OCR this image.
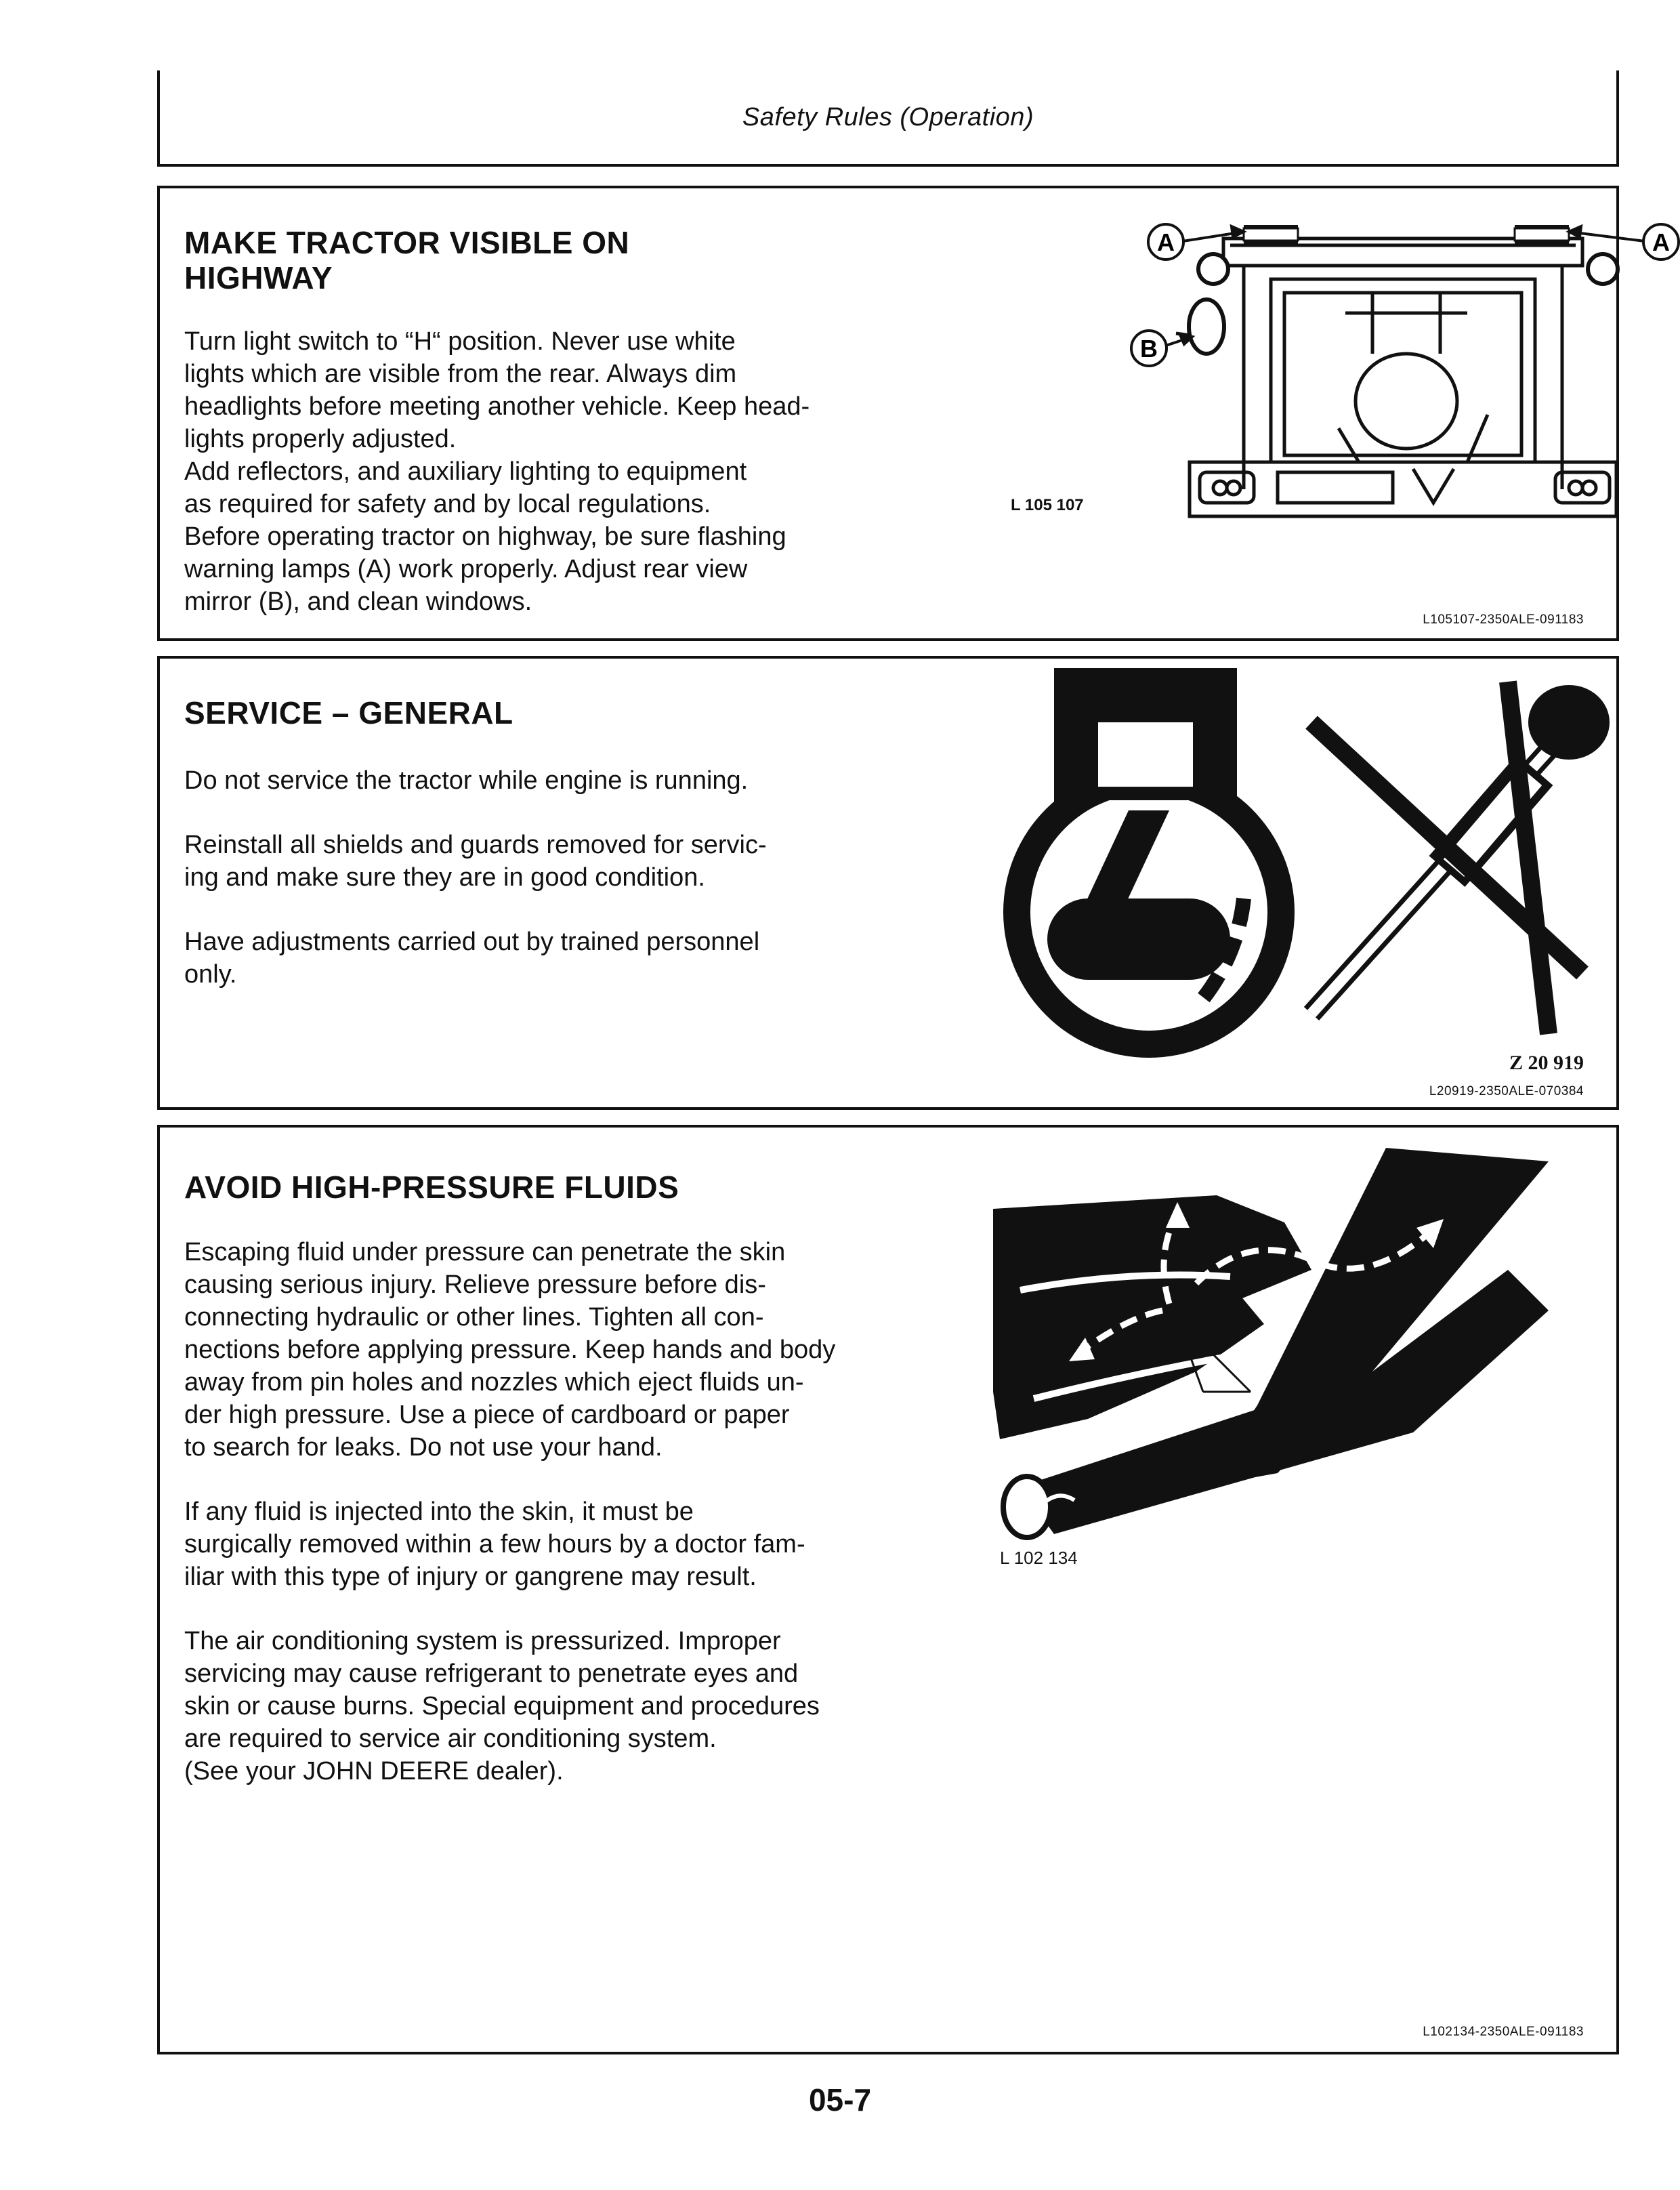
Safety Rules (Operation)
MAKE TRACTOR VISIBLE ON
HIGHWAY
Turn light switch to “H“ position. Never use white
lights which are visible from the rear. Always dim
headlights before meeting another vehicle. Keep head-
lights properly adjusted.
Add reflectors, and auxiliary lighting to equipment
as required for safety and by local regulations.
Before operating tractor on highway, be sure flashing
warning lamps (A) work properly. Adjust rear view
mirror (B), and clean windows.
A	A
B
L 105 107
L105107-2350ALE-091183
SERVICE – GENERAL

Do not service the tractor while engine is running.

Reinstall all shields and guards removed for servic-
ing and make sure they are in good condition.

Have adjustments carried out by trained personnel
only.

Z 20 919
L20919-2350ALE-070384
AVOID HIGH-PRESSURE FLUIDS

Escaping fluid under pressure can penetrate the skin
causing serious injury. Relieve pressure before dis-
connecting hydraulic or other lines. Tighten all con-
nections before applying pressure. Keep hands and body
away from pin holes and nozzles which eject fluids un-
der high pressure. Use a piece of cardboard or paper
to search for leaks. Do not use your hand.

If any fluid is injected into the skin, it must be
surgically removed within a few hours by a doctor fam-
iliar with this type of injury or gangrene may result.

The air conditioning system is pressurized. Improper
servicing may cause refrigerant to penetrate eyes and
skin or cause burns. Special equipment and procedures
are required to service air conditioning system.
(See your JOHN DEERE dealer).

L 102 134
L102134-2350ALE-091183
05-7
